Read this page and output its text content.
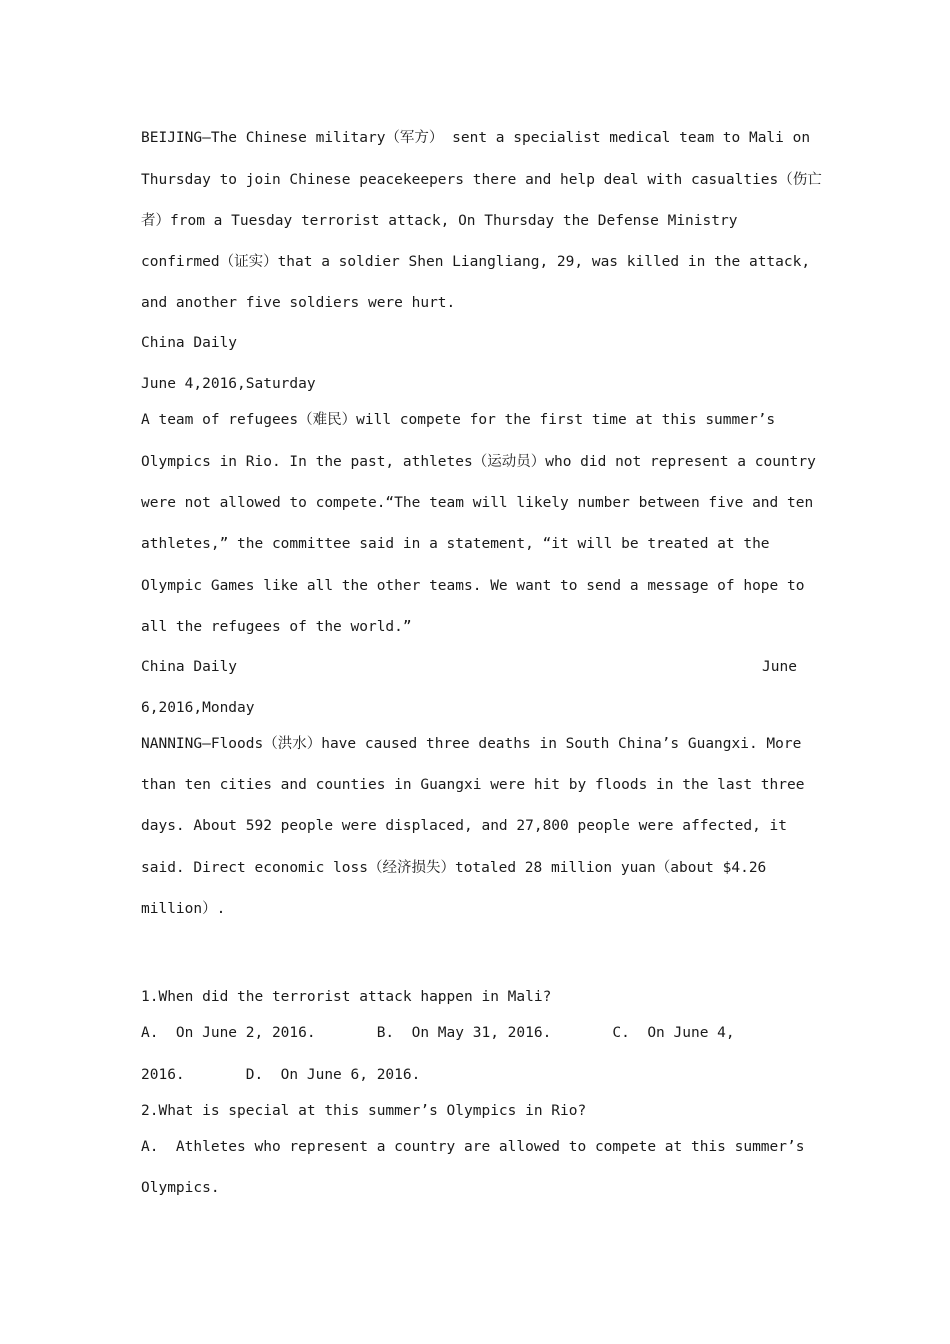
BEIJING—The Chinese military（军方） sent a specialist medical team to Mali on
Thursday to join Chinese peacekeepers there and help deal with casualties（伤亡
者）from a Tuesday terrorist attack, On Thursday the Defense Ministry
confirmed（证实）that a soldier Shen Liangliang, 29, was killed in the attack,
and another five soldiers were hurt.
China Daily
June 4,2016,Saturday
A team of refugees（难民）will compete for the first time at this summer’s
Olympics in Rio. In the past, athletes（运动员）who did not represent a country
were not allowed to compete.“The team will likely number between five and ten
athletes,” the committee said in a statement, “it will be treated at the
Olympic Games like all the other teams. We want to send a message of hope to
all the refugees of the world.”
China Daily	June
6,2016,Monday
NANNING—Floods（洪水）have caused three deaths in South China’s Guangxi. More
than ten cities and counties in Guangxi were hit by floods in the last three
days. About 592 people were displaced, and 27,800 people were affected, it
said. Direct economic loss（经济损失）totaled 28 million yuan（about $4.26
million）.
1.When did the terrorist attack happen in Mali?
A.  On June 2, 2016.       B.  On May 31, 2016.       C.  On June 4,
2016.       D.  On June 6, 2016.
2.What is special at this summer’s Olympics in Rio?
A.  Athletes who represent a country are allowed to compete at this summer’s
Olympics.
